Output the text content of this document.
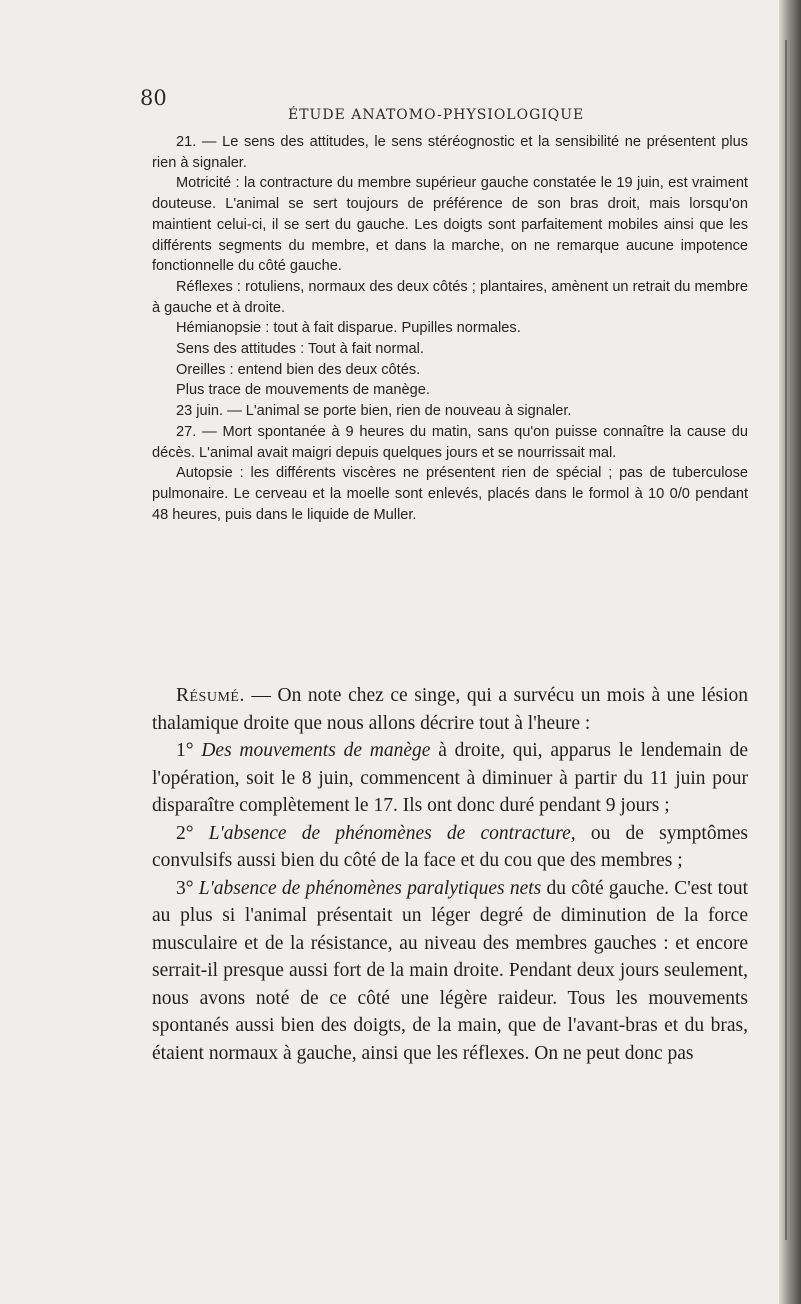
80
ÉTUDE ANATOMO-PHYSIOLOGIQUE

21. — Le sens des attitudes, le sens stéréognostic et la sensibilité ne présentent plus rien à signaler.

Motricité : la contracture du membre supérieur gauche constatée le 19 juin, est vraiment douteuse. L'animal se sert toujours de préférence de son bras droit, mais lorsqu'on maintient celui-ci, il se sert du gauche. Les doigts sont parfaitement mobiles ainsi que les différents segments du membre, et dans la marche, on ne remarque aucune impotence fonctionnelle du côté gauche.

Réflexes : rotuliens, normaux des deux côtés ; plantaires, amènent un retrait du membre à gauche et à droite.

Hémianopsie : tout à fait disparue. Pupilles normales.

Sens des attitudes : Tout à fait normal.

Oreilles : entend bien des deux côtés.

Plus trace de mouvements de manège.

23 juin. — L'animal se porte bien, rien de nouveau à signaler.

27. — Mort spontanée à 9 heures du matin, sans qu'on puisse connaître la cause du décès. L'animal avait maigri depuis quelques jours et se nourrissait mal.

Autopsie : les différents viscères ne présentent rien de spécial ; pas de tuberculose pulmonaire. Le cerveau et la moelle sont enlevés, placés dans le formol à 10 0/0 pendant 48 heures, puis dans le liquide de Muller.

Résumé. — On note chez ce singe, qui a survécu un mois à une lésion thalamique droite que nous allons décrire tout à l'heure :

1° Des mouvements de manège à droite, qui, apparus le lendemain de l'opération, soit le 8 juin, commencent à diminuer à partir du 11 juin pour disparaître complètement le 17. Ils ont donc duré pendant 9 jours ;

2° L'absence de phénomènes de contracture, ou de symptômes convulsifs aussi bien du côté de la face et du cou que des membres ;

3° L'absence de phénomènes paralytiques nets du côté gauche. C'est tout au plus si l'animal présentait un léger degré de diminution de la force musculaire et de la résistance, au niveau des membres gauches : et encore serrait-il presque aussi fort de la main droite. Pendant deux jours seulement, nous avons noté de ce côté une légère raideur. Tous les mouvements spontanés aussi bien des doigts, de la main, que de l'avant-bras et du bras, étaient normaux à gauche, ainsi que les réflexes. On ne peut donc pas
